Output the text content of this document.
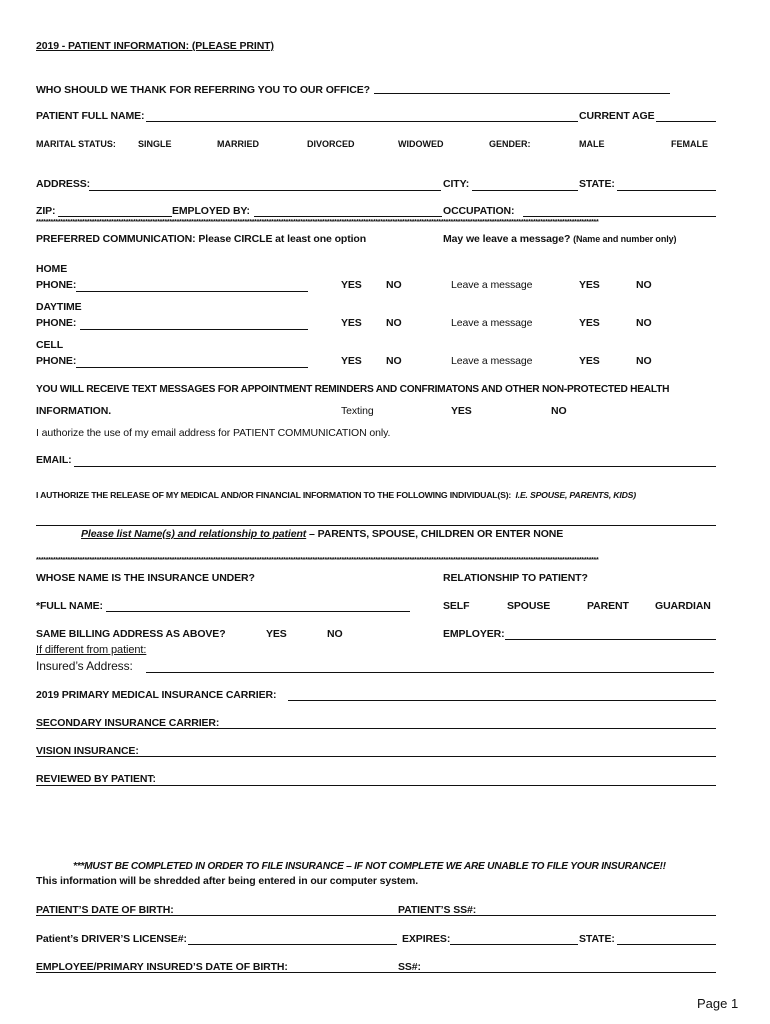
2019 - PATIENT INFORMATION: (PLEASE PRINT)
WHO SHOULD WE THANK FOR REFERRING YOU TO OUR OFFICE?
PATIENT FULL NAME:	CURRENT AGE
MARITAL STATUS: SINGLE	MARRIED	DIVORCED	WIDOWED	GENDER:	MALE	FEMALE
ADDRESS:	CITY:	STATE:
ZIP:	EMPLOYED BY:	OCCUPATION:
****************************************************************************************************************************************************************************************************************************************
PREFERRED COMMUNICATION: Please CIRCLE at least one option	May we leave a message? (Name and number only)
HOME
PHONE:	YES NO	Leave a message	YES	NO
DAYTIME
PHONE:	YES NO	Leave a message	YES	NO
CELL
PHONE:	YES NO	Leave a message	YES	NO
YOU WILL RECEIVE TEXT MESSAGES FOR APPOINTMENT REMINDERS AND CONFRIMATONS AND OTHER NON-PROTECTED HEALTH
INFORMATION.	Texting	YES	NO
I authorize the use of my email address for PATIENT COMMUNICATION only.
EMAIL:
I AUTHORIZE THE RELEASE OF MY MEDICAL AND/OR FINANCIAL INFORMATION TO THE FOLLOWING INDIVIDUAL(S): I.E. SPOUSE, PARENTS, KIDS)
Please list Name(s) and relationship to patient – PARENTS, SPOUSE, CHILDREN OR ENTER NONE
****************************************************************************************************************************************************************************************************************************************
WHOSE NAME IS THE INSURANCE UNDER?	RELATIONSHIP TO PATIENT?
*FULL NAME:	SELF	SPOUSE	PARENT GUARDIAN
SAME BILLING ADDRESS AS ABOVE?	YES	NO	EMPLOYER:
If different from patient:
Insured’s Address:
2019 PRIMARY MEDICAL INSURANCE CARRIER:
SECONDARY INSURANCE CARRIER:
VISION INSURANCE:
REVIEWED BY PATIENT:
***MUST BE COMPLETED IN ORDER TO FILE INSURANCE – IF NOT COMPLETE WE ARE UNABLE TO FILE YOUR INSURANCE!!
This information will be shredded after being entered in our computer system.
PATIENT’S DATE OF BIRTH:	PATIENT’S SS#:
Patient’s DRIVER’S LICENSE#:	EXPIRES:	STATE:
EMPLOYEE/PRIMARY INSURED’S DATE OF BIRTH:	SS#:
Page 1
